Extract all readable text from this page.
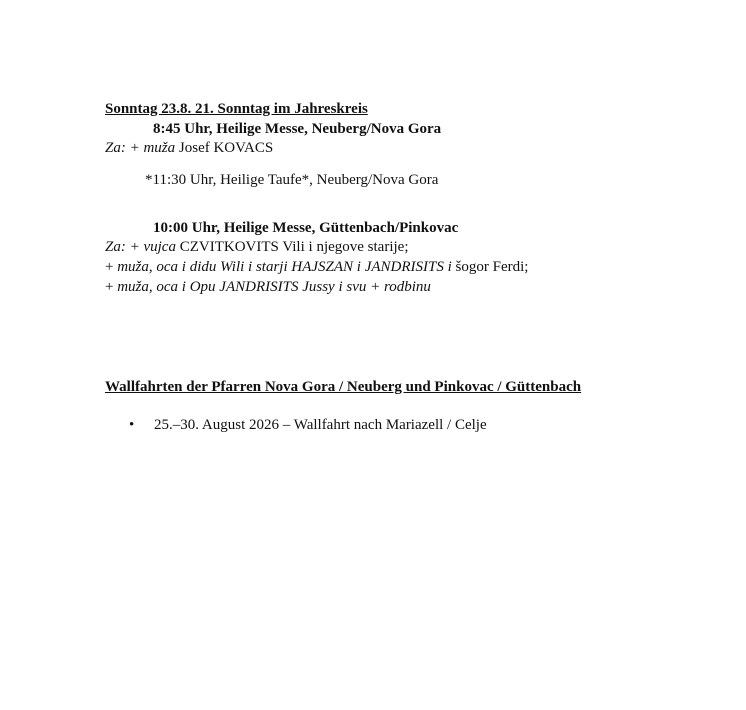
Sonntag 23.8. 21. Sonntag im Jahreskreis
8:45 Uhr, Heilige Messe, Neuberg/Nova Gora
Za: + muža Josef KOVACS
*11:30 Uhr, Heilige Taufe*, Neuberg/Nova Gora
10:00 Uhr, Heilige Messe, Güttenbach/Pinkovac
Za: + vujca CZVITKOVITS Vili i njegove starije;
+ muža, oca i didu Wili i starji HAJSZAN i JANDRISITS i šogor Ferdi;
+ muža, oca i Opu JANDRISITS Jussy i svu + rodbinu
Wallfahrten der Pfarren Nova Gora / Neuberg und Pinkovac / Güttenbach
• 25.–30. August 2026 – Wallfahrt nach Mariazell / Celje
